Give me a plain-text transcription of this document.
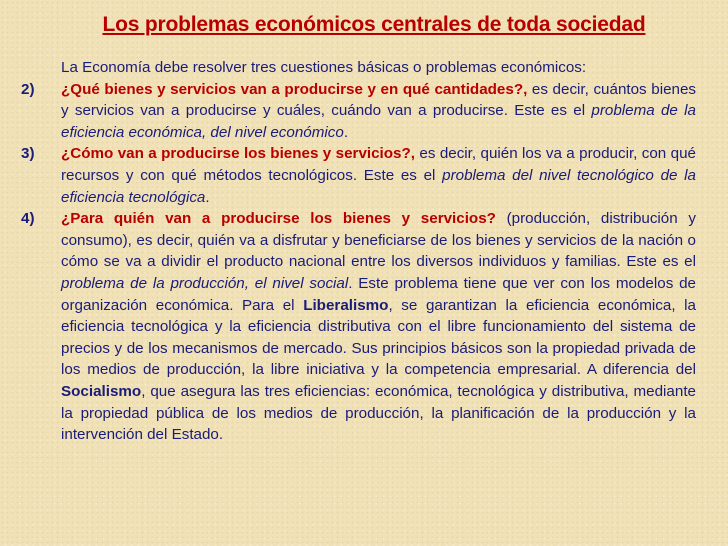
Los problemas económicos centrales de toda sociedad

La Economía debe resolver tres cuestiones básicas o problemas económicos:

2) ¿Qué bienes y servicios van a producirse y en qué cantidades?, es decir, cuántos bienes y servicios van a producirse y cuáles, cuándo van a producirse. Este es el problema de la eficiencia económica, del nivel económico.

3) ¿Cómo van a producirse los bienes y servicios?, es decir, quién los va a producir, con qué recursos y con qué métodos tecnológicos. Este es el problema del nivel tecnológico de la eficiencia tecnológica.

4) ¿Para quién van a producirse los bienes y servicios? (producción, distribución y consumo), es decir, quién va a disfrutar y beneficiarse de los bienes y servicios de la nación o cómo se va a dividir el producto nacional entre los diversos individuos y familias. Este es el problema de la producción, el nivel social. Este problema tiene que ver con los modelos de organización económica. Para el Liberalismo, se garantizan la eficiencia económica, la eficiencia tecnológica y la eficiencia distributiva con el libre funcionamiento del sistema de precios y de los mecanismos de mercado. Sus principios básicos son la propiedad privada de los medios de producción, la libre iniciativa y la competencia empresarial. A diferencia del Socialismo, que asegura las tres eficiencias: económica, tecnológica y distributiva, mediante la propiedad pública de los medios de producción, la planificación de la producción y la intervención del Estado.
